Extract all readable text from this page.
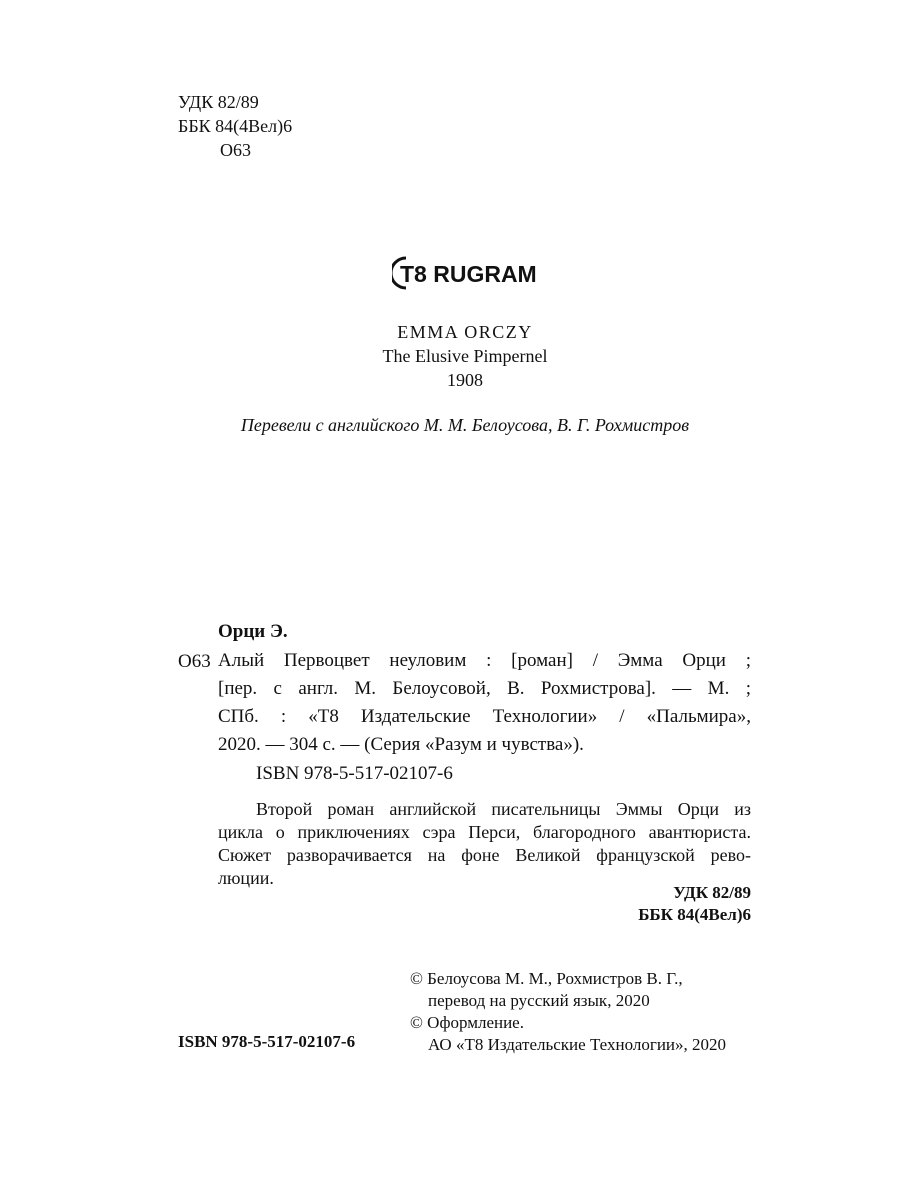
УДК 82/89
ББК 84(4Вел)6
О63
T8 RUGRAM
EMMA ORCZY
The Elusive Pimpernel
1908
Перевели с английского М. М. Белоусова, В. Г. Рохмистров
Орци Э.
О63 Алый Первоцвет неуловим : [роман] / Эмма Орци ;
[пер. с англ. М. Белоусовой, В. Рохмистрова]. — М. ;
СПб. : «T8 Издательские Технологии» / «Пальмира»,
2020. — 304 с. — (Серия «Разум и чувства»).
ISBN 978-5-517-02107-6
Второй роман английской писательницы Эммы Орци из
цикла о приключениях сэра Перси, благородного авантюриста.
Сюжет разворачивается на фоне Великой французской рево-
люции.
УДК 82/89
ББК 84(4Вел)6
© Белоусова М. М., Рохмистров В. Г.,
перевод на русский язык, 2020
© Оформление.
АО «T8 Издательские Технологии», 2020
ISBN 978-5-517-02107-6
